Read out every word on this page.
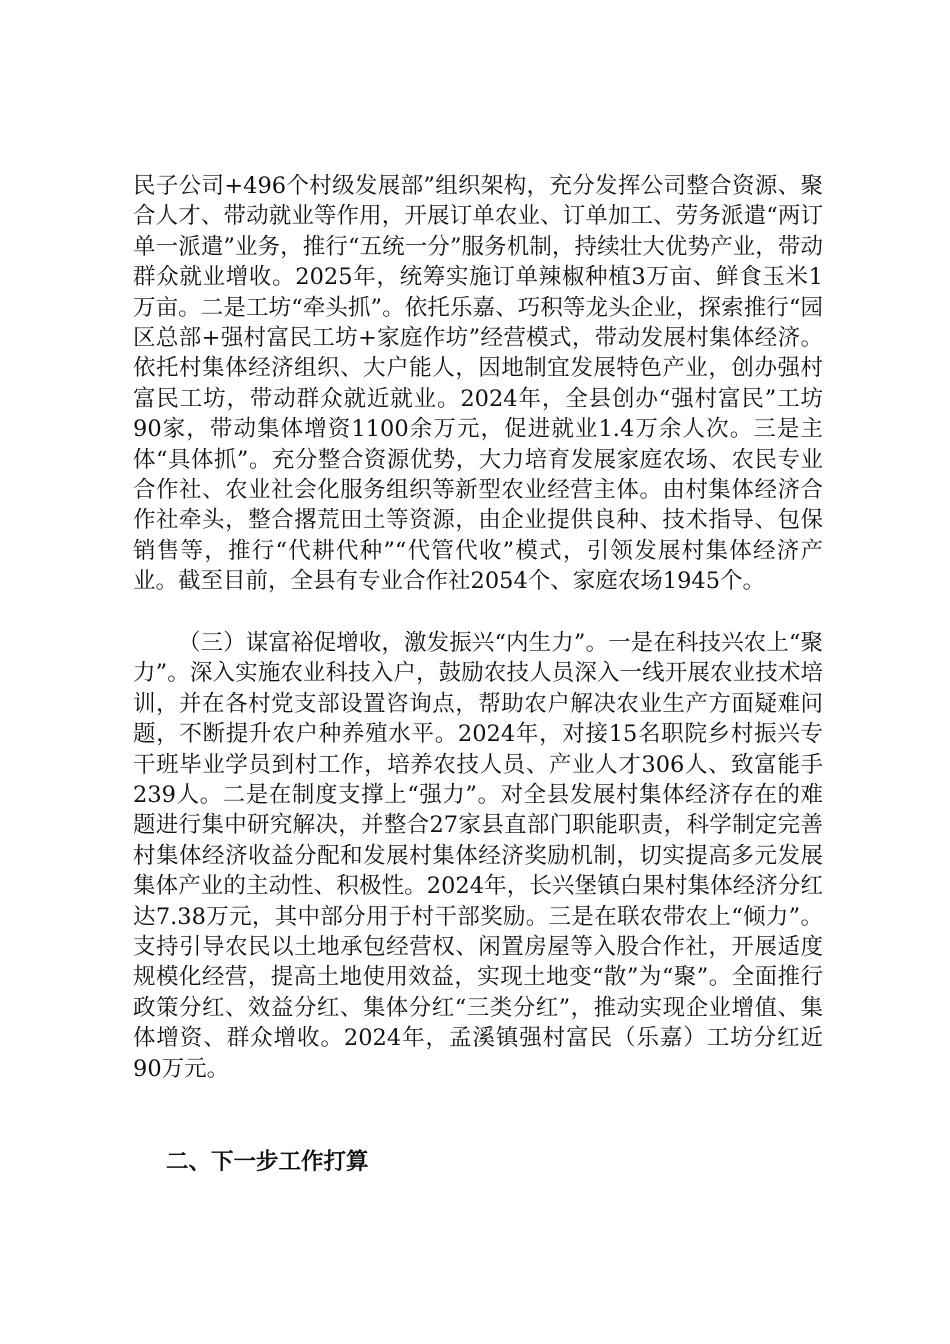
民子公司+496个村级发展部”组织架构，充分发挥公司整合资源、聚合人才、带动就业等作用，开展订单农业、订单加工、劳务派遣“两订单一派遣”业务，推行“五统一分”服务机制，持续壮大优势产业，带动群众就业增收。2025年，统筹实施订单辣椒种植3万亩、鲜食玉米1万亩。二是工坊“牵头抓”。依托乐嘉、巧积等龙头企业，探索推行“园区总部+强村富民工坊+家庭作坊”经营模式，带动发展村集体经济。依托村集体经济组织、大户能人，因地制宜发展特色产业，创办强村富民工坊，带动群众就近就业。2024年，全县创办“强村富民”工坊90家，带动集体增资1100余万元，促进就业1.4万余人次。三是主体“具体抓”。充分整合资源优势，大力培育发展家庭农场、农民专业合作社、农业社会化服务组织等新型农业经营主体。由村集体经济合作社牵头，整合撂荒田土等资源，由企业提供良种、技术指导、包保销售等，推行“代耕代种”“代管代收”模式，引领发展村集体经济产业。截至目前，全县有专业合作社2054个、家庭农场1945个。

（三）谋富裕促增收，激发振兴“内生力”。一是在科技兴农上“聚力”。深入实施农业科技入户，鼓励农技人员深入一线开展农业技术培训，并在各村党支部设置咨询点，帮助农户解决农业生产方面疑难问题，不断提升农户种养殖水平。2024年，对接15名职院乡村振兴专干班毕业学员到村工作，培养农技人员、产业人才306人、致富能手239人。二是在制度支撑上“强力”。对全县发展村集体经济存在的难题进行集中研究解决，并整合27家县直部门职能职责，科学制定完善村集体经济收益分配和发展村集体经济奖励机制，切实提高多元发展集体产业的主动性、积极性。2024年，长兴堡镇白果村集体经济分红达7.38万元，其中部分用于村干部奖励。三是在联农带农上“倾力”。支持引导农民以土地承包经营权、闲置房屋等入股合作社，开展适度规模化经营，提高土地使用效益，实现土地变“散”为“聚”。全面推行政策分红、效益分红、集体分红“三类分红”，推动实现企业增值、集体增资、群众增收。2024年，孟溪镇强村富民（乐嘉）工坊分红近90万元。

二、下一步工作打算
